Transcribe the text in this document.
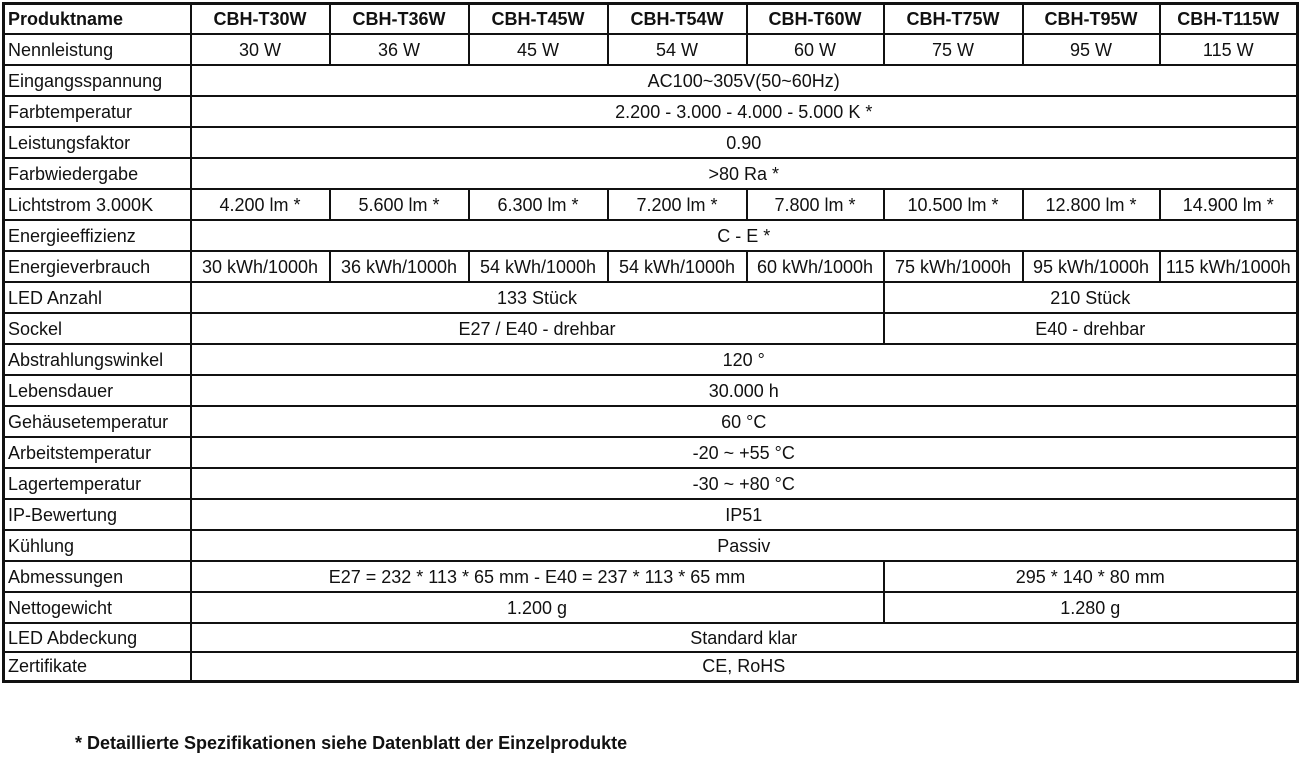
Produktname	CBH-T30W	CBH-T36W	CBH-T45W	CBH-T54W	CBH-T60W	CBH-T75W	CBH-T95W	CBH-T115W
Nennleistung	30 W	36 W	45 W	54 W	60 W	75 W	95 W	115 W
Eingangsspannung	AC100~305V(50~60Hz)							
Farbtemperatur	2.200 - 3.000 - 4.000 - 5.000 K *							
Leistungsfaktor	0.90							
Farbwiedergabe	>80 Ra *							
Lichtstrom 3.000K	4.200 lm *	5.600 lm *	6.300 lm *	7.200 lm *	7.800 lm *	10.500 lm *	12.800 lm *	14.900 lm *
Energieeffizienz	C - E *							
Energieverbrauch	30 kWh/1000h	36 kWh/1000h	54 kWh/1000h	54 kWh/1000h	60 kWh/1000h	75 kWh/1000h	95 kWh/1000h	115 kWh/1000h
LED Anzahl	133 Stück					210 Stück		
Sockel	E27 / E40 - drehbar					E40 - drehbar		
Abstrahlungswinkel	120 °							
Lebensdauer	30.000 h							
Gehäusetemperatur	60 °C							
Arbeitstemperatur	-20 ~ +55 °C							
Lagertemperatur	-30 ~ +80 °C							
IP-Bewertung	IP51							
Kühlung	Passiv							
Abmessungen	E27 = 232 * 113 * 65 mm - E40 = 237 * 113 * 65 mm					295 * 140 * 80 mm		
Nettogewicht	1.200 g					1.280 g		
LED Abdeckung	Standard klar							
Zertifikate	CE, RoHS							
* Detaillierte Spezifikationen siehe Datenblatt der Einzelprodukte
